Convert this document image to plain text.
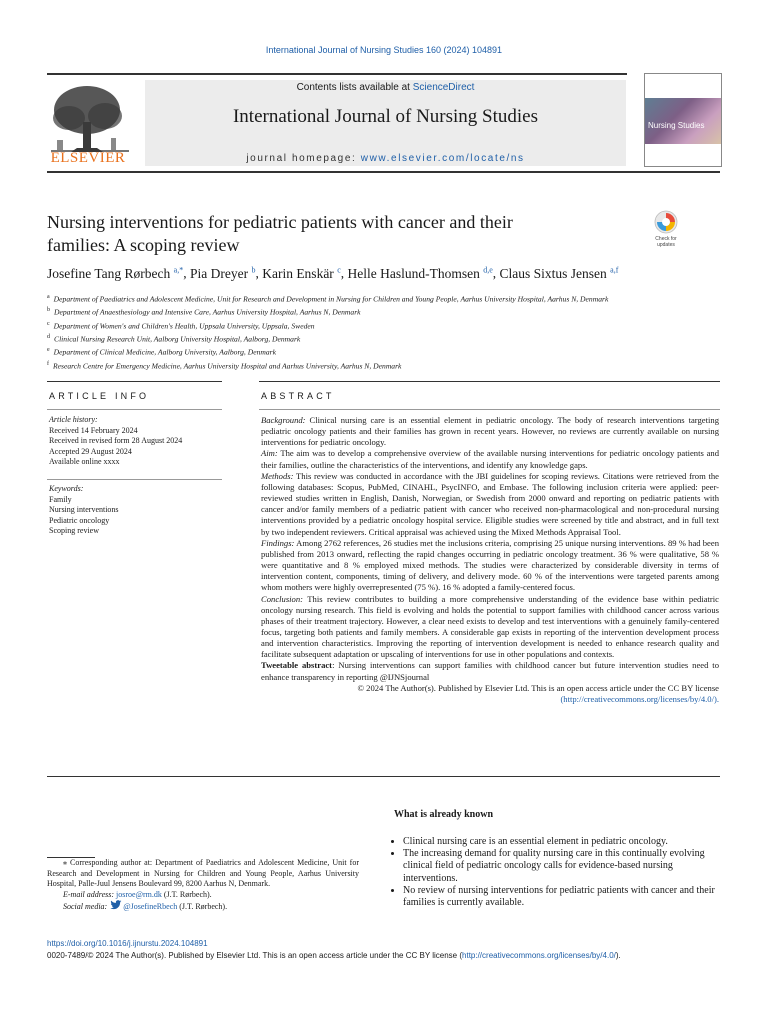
International Journal of Nursing Studies 160 (2024) 104891
Contents lists available at ScienceDirect
International Journal of Nursing Studies
journal homepage: www.elsevier.com/locate/ns
ELSEVIER
Nursing Studies
Nursing interventions for pediatric patients with cancer and their
families: A scoping review	Check for updates
Josefine Tang Rørbech $^{a,*}$, Pia Dreyer $^b$, Karin Enskär $^c$, Helle Haslund-Thomsen $^{d,e}$, Claus Sixtus Jensen $^{a,f}$
$^a$ Department of Paediatrics and Adolescent Medicine, Unit for Research and Development in Nursing for Children and Young People, Aarhus University Hospital, Aarhus N, Denmark
$^b$ Department of Anaesthesiology and Intensive Care, Aarhus University Hospital, Aarhus N, Denmark
$^c$ Department of Women's and Children's Health, Uppsala University, Uppsala, Sweden
$^d$ Clinical Nursing Research Unit, Aalborg University Hospital, Aalborg, Denmark
$^e$ Department of Clinical Medicine, Aalborg University, Aalborg, Denmark
$^f$ Research Centre for Emergency Medicine, Aarhus University Hospital and Aarhus University, Aarhus N, Denmark
ARTICLE INFO	ABSTRACT
Article history:
Received 14 February 2024
Received in revised form 28 August 2024
Accepted 29 August 2024
Available online xxxx
Keywords:
Family
Nursing interventions
Pediatric oncology
Scoping review

Background: Clinical nursing care is an essential element in pediatric oncology. The body of research interventions targeting pediatric oncology patients and their families has grown in recent years. However, no reviews are currently available on nursing interventions for pediatric oncology.

Aim: The aim was to develop a comprehensive overview of the available nursing interventions for pediatric oncology patients and their families, outline the characteristics of the interventions, and identify any knowledge gaps.

Methods: This review was conducted in accordance with the JBI guidelines for scoping reviews. Citations were retrieved from the following databases: Scopus, PubMed, CINAHL, PsycINFO, and Embase. The following inclusion criteria were applied: peer-reviewed studies written in English, Danish, Norwegian, or Swedish from 2000 onward and reporting on pediatric patients with cancer and/or family members of a pediatric patient with cancer who received non-pharmacological and non-procedural nursing interventions provided by a pediatric oncology hospital service. Eligible studies were screened by title and abstract, and in full text by two independent reviewers. Critical appraisal was achieved using the Mixed Methods Appraisal Tool.

Findings: Among 2762 references, 26 studies met the inclusions criteria, comprising 25 unique nursing interventions. 89 % had been published from 2013 onward, reflecting the rapid changes occurring in pediatric oncology treatment. 36 % were qualitative, 58 % were quantitative and 8 % employed mixed methods. The studies were characterized by considerable diversity in terms of intervention content, components, timing of delivery, and delivery mode. 60 % of the interventions were targeted parents among whom mothers were highly overrepresented (75 %). 16 % adopted a family-centered focus.

Conclusion: This review contributes to building a more comprehensive understanding of the evidence base within pediatric oncology nursing research. This field is evolving and holds the potential to support families with childhood cancer across various phases of their treatment trajectory. However, a clear need exists to develop and test interventions with a genuinely family-centered focus, targeting both patients and family members. A considerable gap exists in reporting of the intervention development process and intervention characteristics. Improving the reporting of intervention development is needed to enhance research quality and facilitate subsequent adaptation or upscaling of interventions for use in other populations and contexts.

Tweetable abstract: Nursing interventions can support families with childhood cancer but future intervention studies need to enhance transparency in reporting @IJNSjournal

© 2024 The Author(s). Published by Elsevier Ltd. This is an open access article under the CC BY license
(http://creativecommons.org/licenses/by/4.0/).

What is already known
• Clinical nursing care is an essential element in pediatric oncology.
• The increasing demand for quality nursing care in this continually evolving clinical field of pediatric oncology calls for evidence-based nursing interventions.
• No review of nursing interventions for pediatric patients with cancer and their families is currently available.
⁎ Corresponding author at: Department of Paediatrics and Adolescent Medicine, Unit for Research and Development in Nursing for Children and Young People, Aarhus University Hospital, Palle-Juul Jensens Boulevard 99, 8200 Aarhus N, Denmark.
E-mail address: josroe@rm.dk (J.T. Rørbech).
Social media: @JosefineRbech (J.T. Rørbech).
https://doi.org/10.1016/j.ijnurstu.2024.104891
0020-7489/© 2024 The Author(s). Published by Elsevier Ltd. This is an open access article under the CC BY license (http://creativecommons.org/licenses/by/4.0/).
